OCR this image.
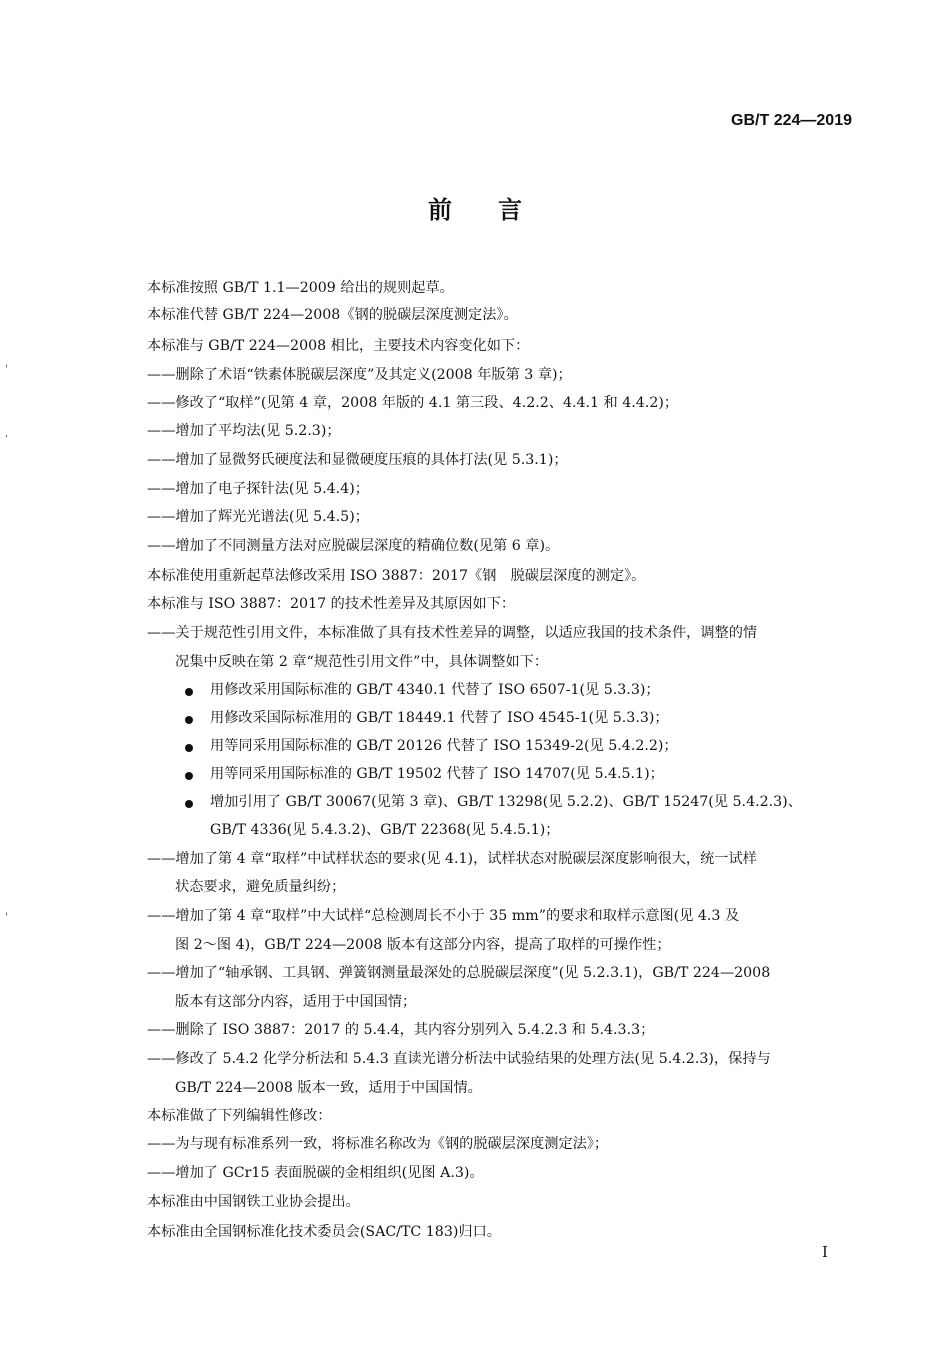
GB/T 224—2019
前言
'
,
'
本标准按照 GB/T 1.1—2009 给出的规则起草。
本标准代替 GB/T 224—2008《钢的脱碳层深度测定法》。
本标准与 GB/T 224—2008 相比，主要技术内容变化如下：
——删除了术语“铁素体脱碳层深度”及其定义(2008 年版第 3 章)；
——修改了“取样”(见第 4 章，2008 年版的 4.1 第三段、4.2.2、4.4.1 和 4.4.2)；
——增加了平均法(见 5.2.3)；
——增加了显微努氏硬度法和显微硬度压痕的具体打法(见 5.3.1)；
——增加了电子探针法(见 5.4.4)；
——增加了辉光光谱法(见 5.4.5)；
——增加了不同测量方法对应脱碳层深度的精确位数(见第 6 章)。
本标准使用重新起草法修改采用 ISO 3887：2017《钢　脱碳层深度的测定》。
本标准与 ISO 3887：2017 的技术性差异及其原因如下：
——关于规范性引用文件，本标准做了具有技术性差异的调整，以适应我国的技术条件，调整的情
况集中反映在第 2 章“规范性引用文件”中，具体调整如下：
用修改采用国际标准的 GB/T 4340.1 代替了 ISO 6507-1(见 5.3.3)；
用修改采国际标准用的 GB/T 18449.1 代替了 ISO 4545-1(见 5.3.3)；
用等同采用国际标准的 GB/T 20126 代替了 ISO 15349-2(见 5.4.2.2)；
用等同采用国际标准的 GB/T 19502 代替了 ISO 14707(见 5.4.5.1)；
增加引用了 GB/T 30067(见第 3 章)、GB/T 13298(见 5.2.2)、GB/T 15247(见 5.4.2.3)、
GB/T 4336(见 5.4.3.2)、GB/T 22368(见 5.4.5.1)；
——增加了第 4 章“取样”中试样状态的要求(见 4.1)，试样状态对脱碳层深度影响很大，统一试样
状态要求，避免质量纠纷；
——增加了第 4 章“取样”中大试样“总检测周长不小于 35 mm”的要求和取样示意图(见 4.3 及
图 2～图 4)，GB/T 224—2008 版本有这部分内容，提高了取样的可操作性；
——增加了“轴承钢、工具钢、弹簧钢测量最深处的总脱碳层深度”(见 5.2.3.1)，GB/T 224—2008
版本有这部分内容，适用于中国国情；
——删除了 ISO 3887：2017 的 5.4.4，其内容分别列入 5.4.2.3 和 5.4.3.3；
——修改了 5.4.2 化学分析法和 5.4.3 直读光谱分析法中试验结果的处理方法(见 5.4.2.3)，保持与
GB/T 224—2008 版本一致，适用于中国国情。
本标准做了下列编辑性修改：
——为与现有标准系列一致，将标准名称改为《钢的脱碳层深度测定法》；
——增加了 GCr15 表面脱碳的金相组织(见图 A.3)。
本标准由中国钢铁工业协会提出。
本标准由全国钢标准化技术委员会(SAC/TC 183)归口。
I
